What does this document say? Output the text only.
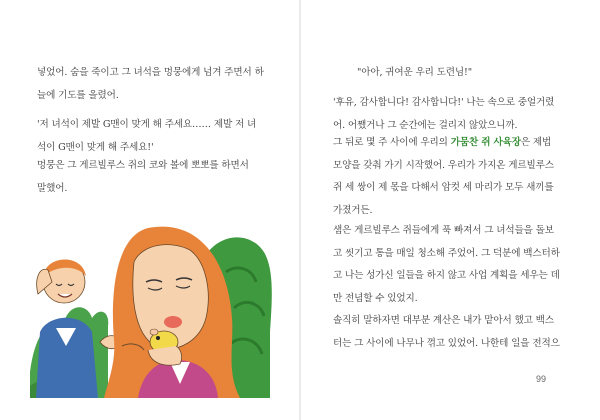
넣었어. 숨을 죽이고 그 녀석을 멍뭉에게 넘겨 주면서 하
늘에 기도를 올렸어.

'저 녀석이 제발 G맨이 맞게 해 주세요…… 제발 저 녀
석이 G맨이 맞게 해 주세요!'

멍뭉은 그 게르빌루스 쥐의 코와 볼에 뽀뽀를 하면서
말했어.

"아아, 귀여운 우리 도련님!"

'후유, 감사합니다! 감사합니다!' 나는 속으로 중얼거렸
어. 어쨌거나 그 순간에는 걸리지 않았으니까.

그 뒤로 몇 주 사이에 우리의 가뭄찬 쥐 사육장은 제법
모양을 갖춰 가기 시작했어. 우리가 가지온 게르빌루스
쥐 세 쌍이 제 몫을 다해서 암컷 세 마리가 모두 새끼를
가졌거든.

샘은 게르빌루스 쥐들에게 푹 빠져서 그 녀석들을 돌보
고 씻기고 통을 매일 청소해 주었어. 그 덕분에 백스터하
고 나는 성가신 일들을 하지 않고 사업 계획을 세우는 데
만 전념할 수 있었지.

솔직히 말하자면 대부분 계산은 내가 맡아서 했고 백스
터는 그 사이에 나무나 꺾고 있었어. 나한테 일을 전적으

99
